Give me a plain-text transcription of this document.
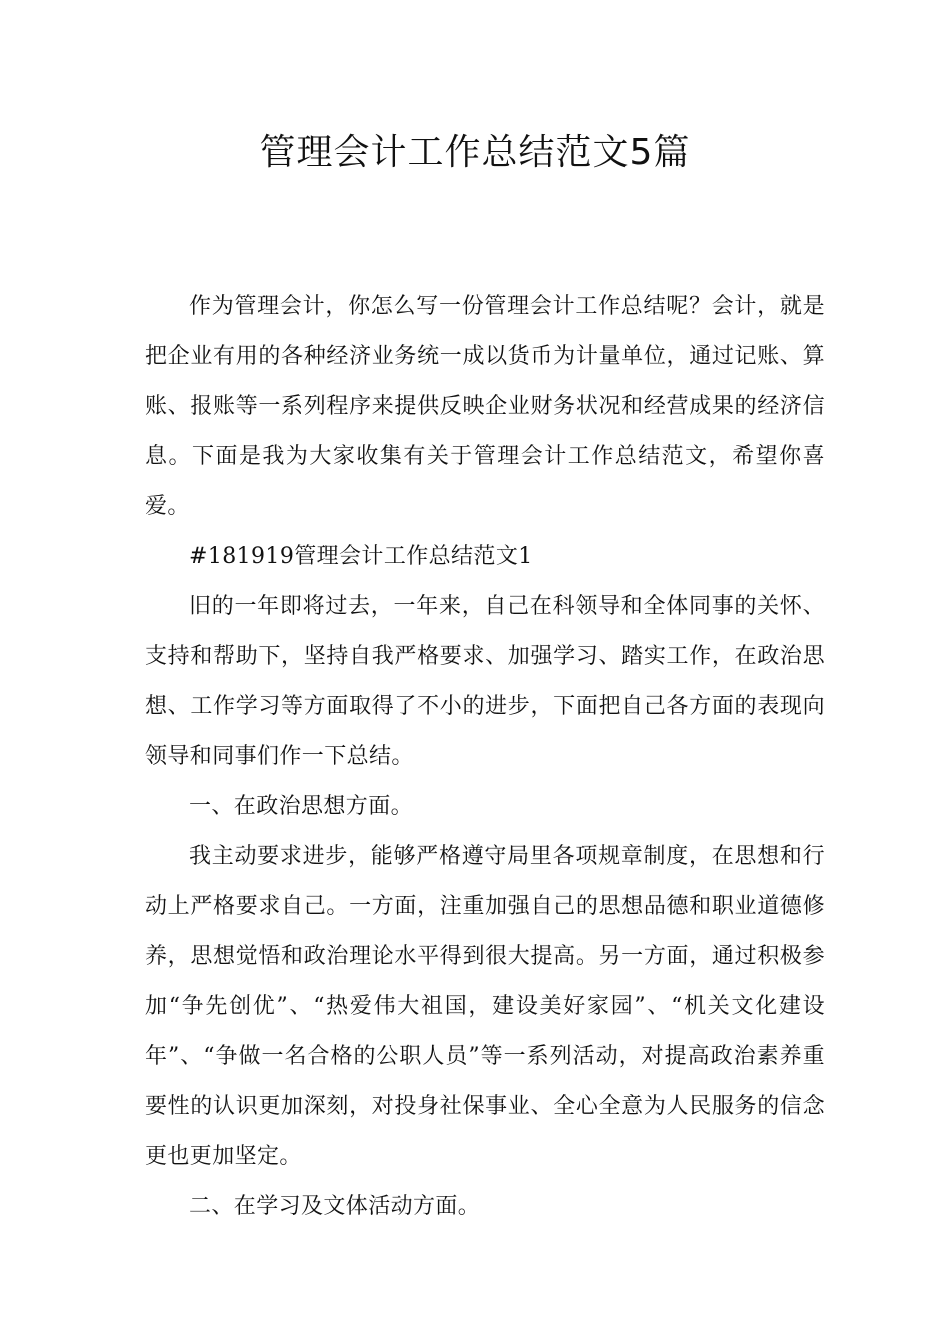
管理会计工作总结范文5篇

作为管理会计，你怎么写一份管理会计工作总结呢？会计，就是把企业有用的各种经济业务统一成以货币为计量单位，通过记账、算账、报账等一系列程序来提供反映企业财务状况和经营成果的经济信息。下面是我为大家收集有关于管理会计工作总结范文，希望你喜爱。

#181919管理会计工作总结范文1

旧的一年即将过去，一年来，自己在科领导和全体同事的关怀、支持和帮助下，坚持自我严格要求、加强学习、踏实工作，在政治思想、工作学习等方面取得了不小的进步，下面把自己各方面的表现向领导和同事们作一下总结。

一、在政治思想方面。

我主动要求进步，能够严格遵守局里各项规章制度，在思想和行动上严格要求自己。一方面，注重加强自己的思想品德和职业道德修养，思想觉悟和政治理论水平得到很大提高。另一方面，通过积极参加“争先创优”、“热爱伟大祖国，建设美好家园”、“机关文化建设年”、“争做一名合格的公职人员”等一系列活动，对提高政治素养重要性的认识更加深刻，对投身社保事业、全心全意为人民服务的信念更也更加坚定。

二、在学习及文体活动方面。
